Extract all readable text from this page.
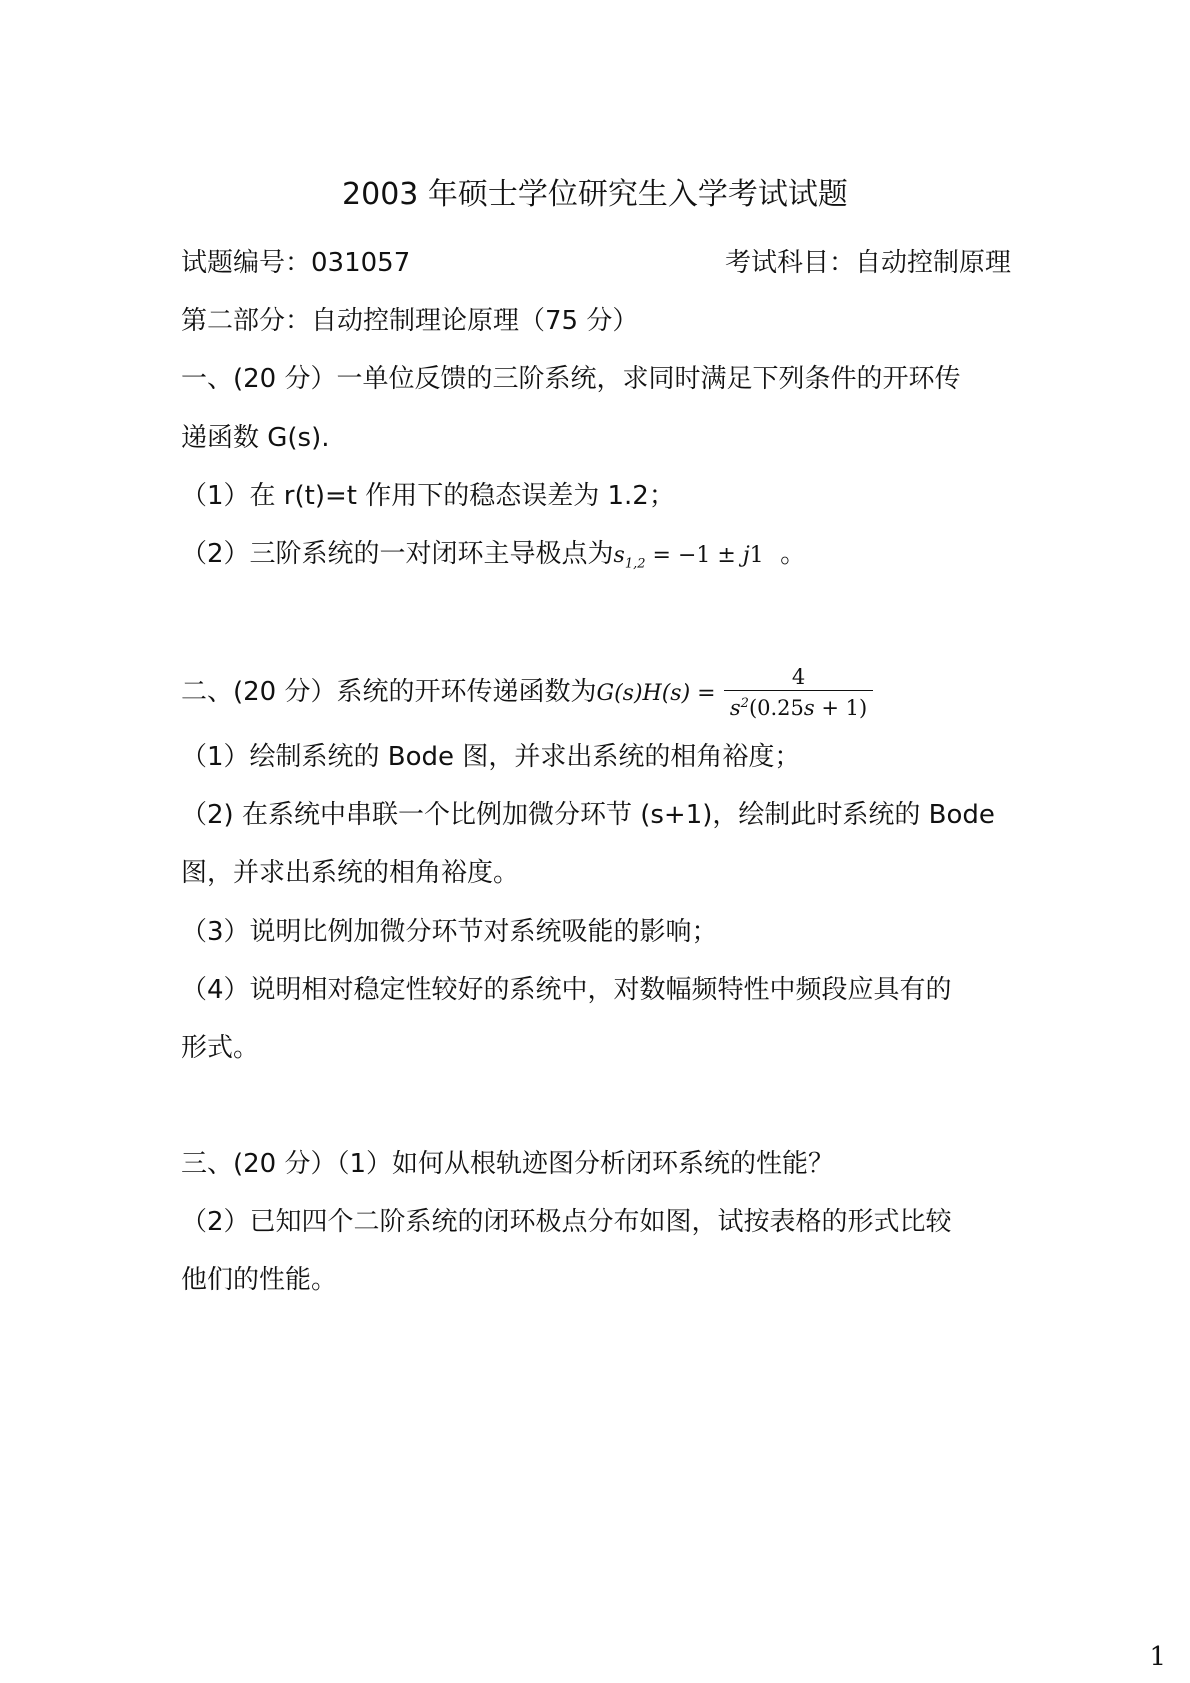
2003 年硕士学位研究生入学考试试题
试题编号：031057	考试科目：自动控制原理
第二部分：自动控制理论原理（75 分）
一、(20 分）一单位反馈的三阶系统，求同时满足下列条件的开环传
递函数 G(s).
（1）在 r(t)=t 作用下的稳态误差为 1.2；
（2）三阶系统的一对闭环主导极点为$s_{1,2} = -1 \pm j1$ 。
二、(20 分）系统的开环传递函数为$G(s)H(s) = \frac{4}{s^2(0.25s + 1)}$
（1）绘制系统的 Bode 图，并求出系统的相角裕度；
（2) 在系统中串联一个比例加微分环节 (s+1)，绘制此时系统的 Bode
图，并求出系统的相角裕度。
（3）说明比例加微分环节对系统吸能的影响；
（4）说明相对稳定性较好的系统中，对数幅频特性中频段应具有的
形式。
三、(20 分）（1）如何从根轨迹图分析闭环系统的性能？
（2）已知四个二阶系统的闭环极点分布如图，试按表格的形式比较
他们的性能。
1
